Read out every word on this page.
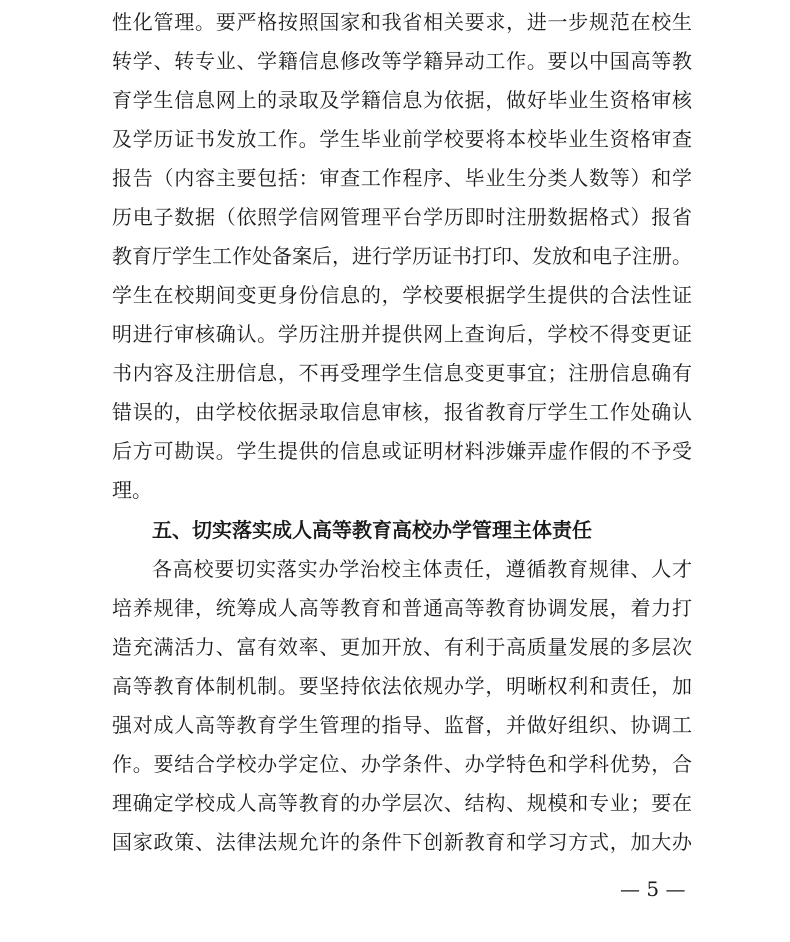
性化管理。要严格按照国家和我省相关要求，进一步规范在校生
转学、转专业、学籍信息修改等学籍异动工作。要以中国高等教
育学生信息网上的录取及学籍信息为依据，做好毕业生资格审核
及学历证书发放工作。学生毕业前学校要将本校毕业生资格审查
报告（内容主要包括：审查工作程序、毕业生分类人数等）和学
历电子数据（依照学信网管理平台学历即时注册数据格式）报省
教育厅学生工作处备案后，进行学历证书打印、发放和电子注册。
学生在校期间变更身份信息的，学校要根据学生提供的合法性证
明进行审核确认。学历注册并提供网上查询后，学校不得变更证
书内容及注册信息，不再受理学生信息变更事宜；注册信息确有
错误的，由学校依据录取信息审核，报省教育厅学生工作处确认
后方可勘误。学生提供的信息或证明材料涉嫌弄虚作假的不予受
理。
五、切实落实成人高等教育高校办学管理主体责任
各高校要切实落实办学治校主体责任，遵循教育规律、人才
培养规律，统筹成人高等教育和普通高等教育协调发展，着力打
造充满活力、富有效率、更加开放、有利于高质量发展的多层次
高等教育体制机制。要坚持依法依规办学，明晰权利和责任，加
强对成人高等教育学生管理的指导、监督，并做好组织、协调工
作。要结合学校办学定位、办学条件、办学特色和学科优势，合
理确定学校成人高等教育的办学层次、结构、规模和专业；要在
国家政策、法律法规允许的条件下创新教育和学习方式，加大办
— 5 —
